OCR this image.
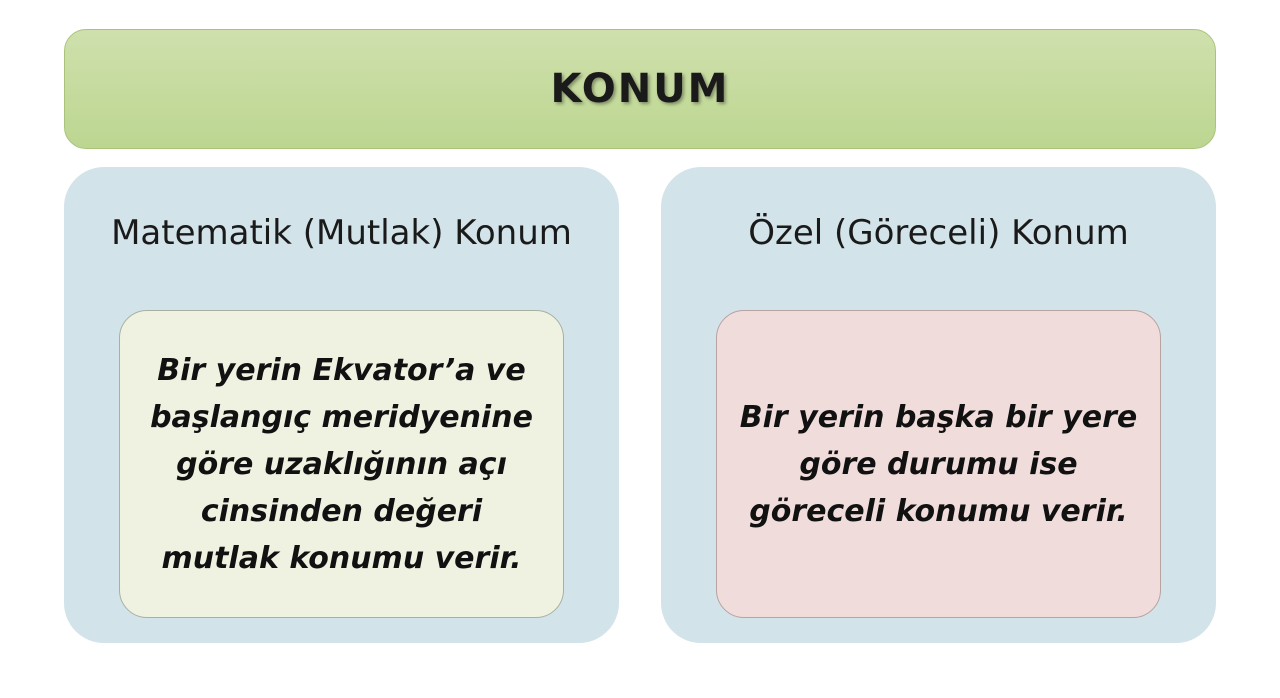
KONUM
Matematik (Mutlak) Konum
Bir yerin Ekvator’a ve
başlangıç meridyenine
göre uzaklığının açı
cinsinden değeri
mutlak konumu verir.
Özel (Göreceli) Konum
Bir yerin başka bir yere
göre durumu ise
göreceli konumu verir.
